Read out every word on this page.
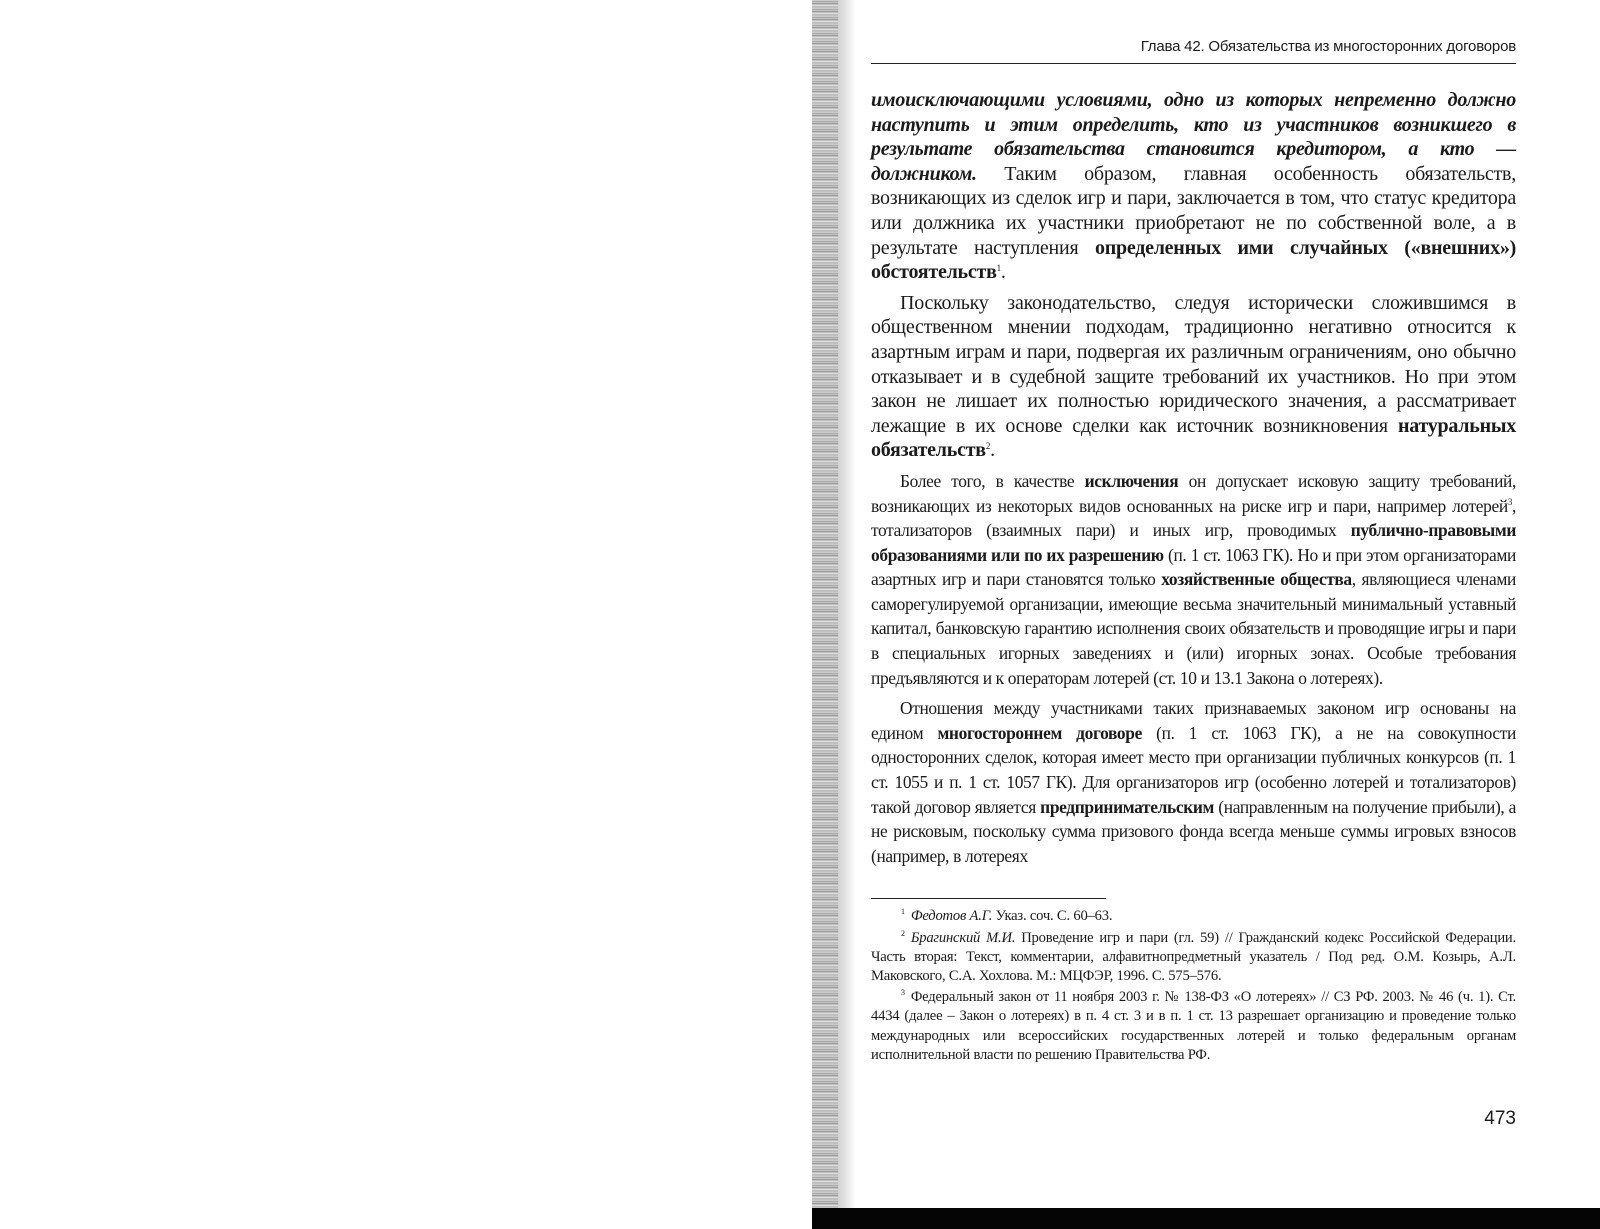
Глава 42. Обязательства из многосторонних договоров

имоисключающими условиями, одно из которых непременно должно наступить и этим определить, кто из участников возникшего в результате обязательства становится кредитором, а кто — должником. Таким образом, главная особенность обязательств, возникающих из сделок игр и пари, заключается в том, что статус кредитора или должника их участники приобретают не по собственной воле, а в результате наступления определенных ими случайных («внешних») обстоятельств$^1$.

Поскольку законодательство, следуя исторически сложившимся в общественном мнении подходам, традиционно негативно относится к азартным играм и пари, подвергая их различным ограничениям, оно обычно отказывает и в судебной защите требований их участников. Но при этом закон не лишает их полностью юридического значения, а рассматривает лежащие в их основе сделки как источник возникновения натуральных обязательств$^2$.

Более того, в качестве исключения он допускает исковую защиту требований, возникающих из некоторых видов основанных на риске игр и пари, например лотерей$^3$, тотализаторов (взаимных пари) и иных игр, проводимых публично-правовыми образованиями или по их разрешению (п. 1 ст. 1063 ГК). Но и при этом организаторами азартных игр и пари становятся только хозяйственные общества, являющиеся членами саморегулируемой организации, имеющие весьма значительный минимальный уставный капитал, банковскую гарантию исполнения своих обязательств и проводящие игры и пари в специальных игорных заведениях и (или) игорных зонах. Особые требования предъявляются и к операторам лотерей (ст. 10 и 13.1 Закона о лотереях).

Отношения между участниками таких признаваемых законом игр основаны на едином многостороннем договоре (п. 1 ст. 1063 ГК), а не на совокупности односторонних сделок, которая имеет место при организации публичных конкурсов (п. 1 ст. 1055 и п. 1 ст. 1057 ГК). Для организаторов игр (особенно лотерей и тотализаторов) такой договор является предпринимательским (направленным на получение прибыли), а не рисковым, поскольку сумма призового фонда всегда меньше суммы игровых взносов (например, в лотереях

$^1$ Федотов А.Г. Указ. соч. С. 60–63.

$^2$ Брагинский М.И. Проведение игр и пари (гл. 59) // Гражданский кодекс Российской Федерации. Часть вторая: Текст, комментарии, алфавитнопредметный указатель / Под ред. О.М. Козырь, А.Л. Маковского, С.А. Хохлова. М.: МЦФЭР, 1996. С. 575–576.

$^3$ Федеральный закон от 11 ноября 2003 г. № 138-ФЗ «О лотереях» // СЗ РФ. 2003. № 46 (ч. 1). Ст. 4434 (далее – Закон о лотереях) в п. 4 ст. 3 и в п. 1 ст. 13 разрешает организацию и проведение только международных или всероссийских государственных лотерей и только федеральным органам исполнительной власти по решению Правительства РФ.

473
